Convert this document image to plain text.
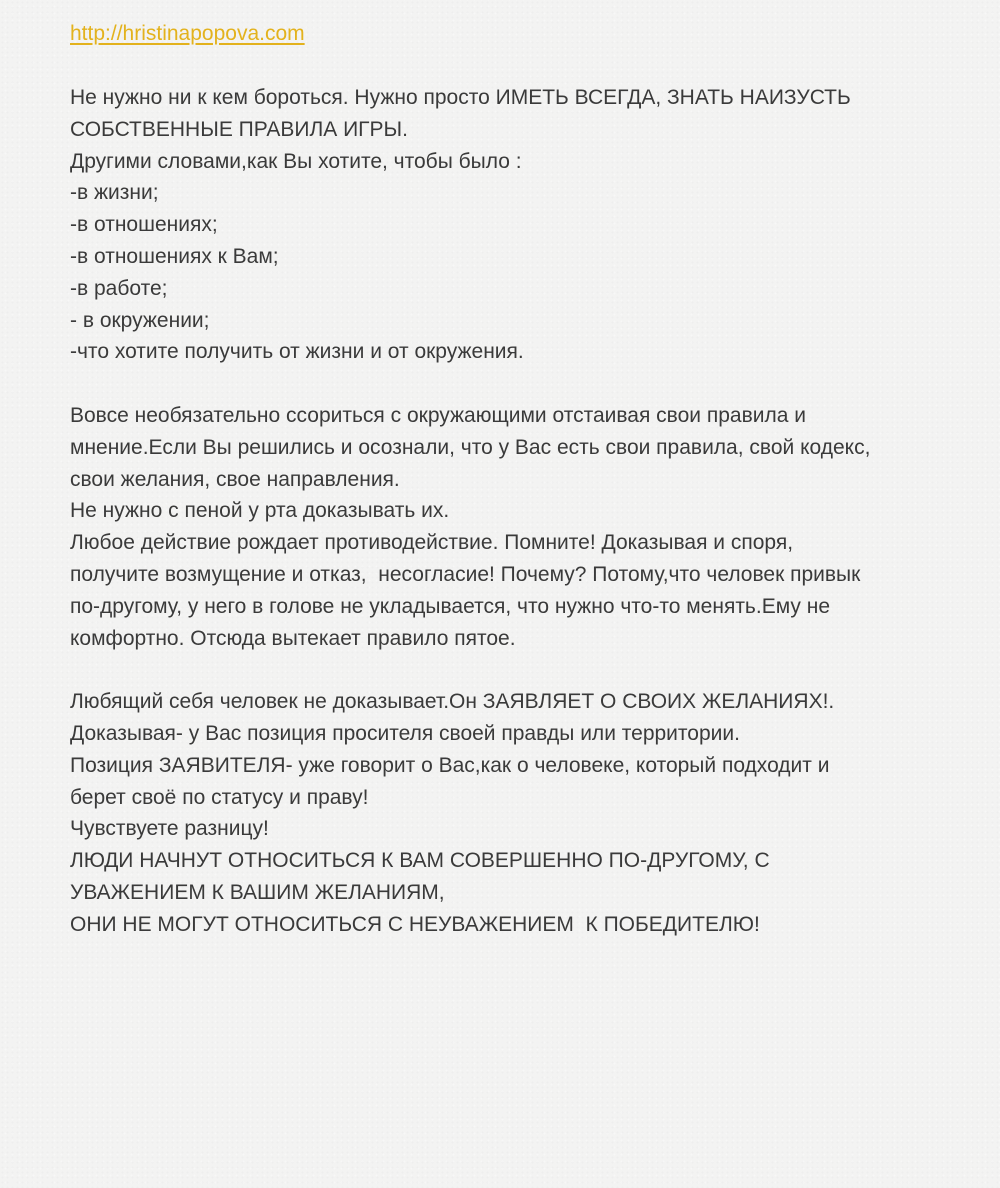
http://hristinapopova.com
Не нужно ни к кем бороться. Нужно просто ИМЕТЬ ВСЕГДА, ЗНАТЬ НАИЗУСТЬ
СОБСТВЕННЫЕ ПРАВИЛА ИГРЫ.
Другими словами,как Вы хотите, чтобы было :
-в жизни;
-в отношениях;
-в отношениях к Вам;
-в работе;
- в окружении;
-что хотите получить от жизни и от окружения.
Вовсе необязательно ссориться с окружающими отстаивая свои правила и
мнение.Если Вы решились и осознали, что у Вас есть свои правила, свой кодекс,
свои желания, свое направления.
Не нужно с пеной у рта доказывать их.
Любое действие рождает противодействие. Помните! Доказывая и споря,
получите возмущение и отказ,  несогласие! Почему? Потому,что человек привык
по-другому, у него в голове не укладывается, что нужно что-то менять.Ему не
комфортно. Отсюда вытекает правило пятое.
Любящий себя человек не доказывает.Он ЗАЯВЛЯЕТ О СВОИХ ЖЕЛАНИЯХ!.
Доказывая- у Вас позиция просителя своей правды или территории.
Позиция ЗАЯВИТЕЛЯ- уже говорит о Вас,как о человеке, который подходит и
берет своё по статусу и праву!
Чувствуете разницу!
ЛЮДИ НАЧНУТ ОТНОСИТЬСЯ К ВАМ СОВЕРШЕННО ПО-ДРУГОМУ, С
УВАЖЕНИЕМ К ВАШИМ ЖЕЛАНИЯМ,
ОНИ НЕ МОГУТ ОТНОСИТЬСЯ С НЕУВАЖЕНИЕМ  К ПОБЕДИТЕЛЮ!
